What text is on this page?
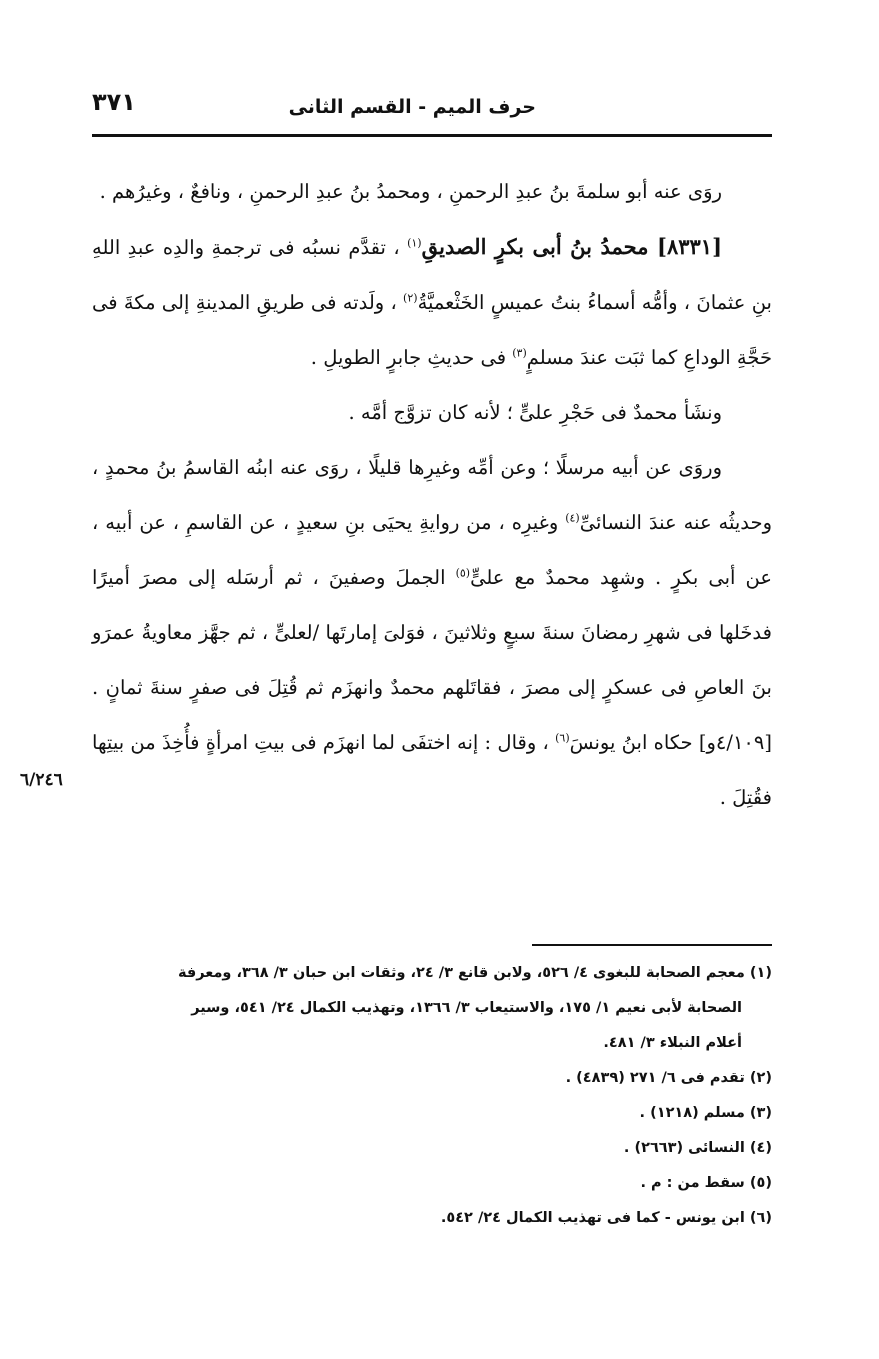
حرف الميم - القسم الثانى
٣٧١

روَى عنه أبو سلمةَ بنُ عبدِ الرحمنِ ، ومحمدُ بنُ عبدِ الرحمنِ ، ونافعٌ ، وغيرُهم .

[٨٣٣١] محمدُ بنُ أبى بكرٍ الصديقِ$^{(١)}$ ، تقدَّم نسبُه فى ترجمةِ والدِه عبدِ اللهِ بنِ عثمانَ ، وأمُّه أسماءُ بنتُ عميسٍ الخَثْعميَّةُ$^{(٢)}$ ، ولَدته فى طريقِ المدينةِ إلى مكةَ فى حَجَّةِ الوداعِ كما ثبَت عندَ مسلمٍ$^{(٣)}$ فى حديثِ جابرٍ الطويلِ .

ونشَأ محمدٌ فى حَجْرِ علىٍّ ؛ لأنه كان تزوَّج أمَّه .

وروَى عن أبيه مرسلًا ؛ وعن أمِّه وغيرِها قليلًا ، روَى عنه ابنُه القاسمُ بنُ محمدٍ ، وحديثُه عنه عندَ النسائىِّ$^{(٤)}$ وغيرِه ، من روايةِ يحيَى بنِ سعيدٍ ، عن القاسمِ ، عن أبيه ، عن أبى بكرٍ . وشهِد محمدٌ مع علىٍّ$^{(٥)}$ الجملَ وصفينَ ، ثم أرسَله إلى مصرَ أميرًا فدخَلها فى شهرِ رمضانَ سنةَ سبعٍ وثلاثينَ ، فوَلىَ إمارتَها /لعلىٍّ ، ثم جهَّز معاويةُ عمرَو بنَ العاصِ فى عسكرٍ إلى مصرَ ، فقاتَلهم محمدٌ وانهزَم ثم قُتِلَ فى صفرٍ سنةَ ثمانٍ . [٤/١٠٩و] حكاه ابنُ يونسَ$^{(٦)}$ ، وقال : إنه اختفَى لما انهزَم فى بيتِ امرأةٍ فأُخِذَ من بيتِها فقُتِلَ .

٦/٢٤٦

(١) معجم الصحابة للبغوى ٤/ ٥٢٦، ولابن قانع ٣/ ٢٤، وثقات ابن حبان ٣/ ٣٦٨، ومعرفة

الصحابة لأبى نعيم ١/ ١٧٥، والاستيعاب ٣/ ١٣٦٦، وتهذيب الكمال ٢٤/ ٥٤١، وسير

أعلام النبلاء ٣/ ٤٨١.

(٢) تقدم فى ٦/ ٢٧١ (٤٨٣٩) .

(٣) مسلم (١٢١٨) .

(٤) النسائى (٢٦٦٣) .

(٥) سقط من : م .

(٦) ابن يونس - كما فى تهذيب الكمال ٢٤/ ٥٤٢.
